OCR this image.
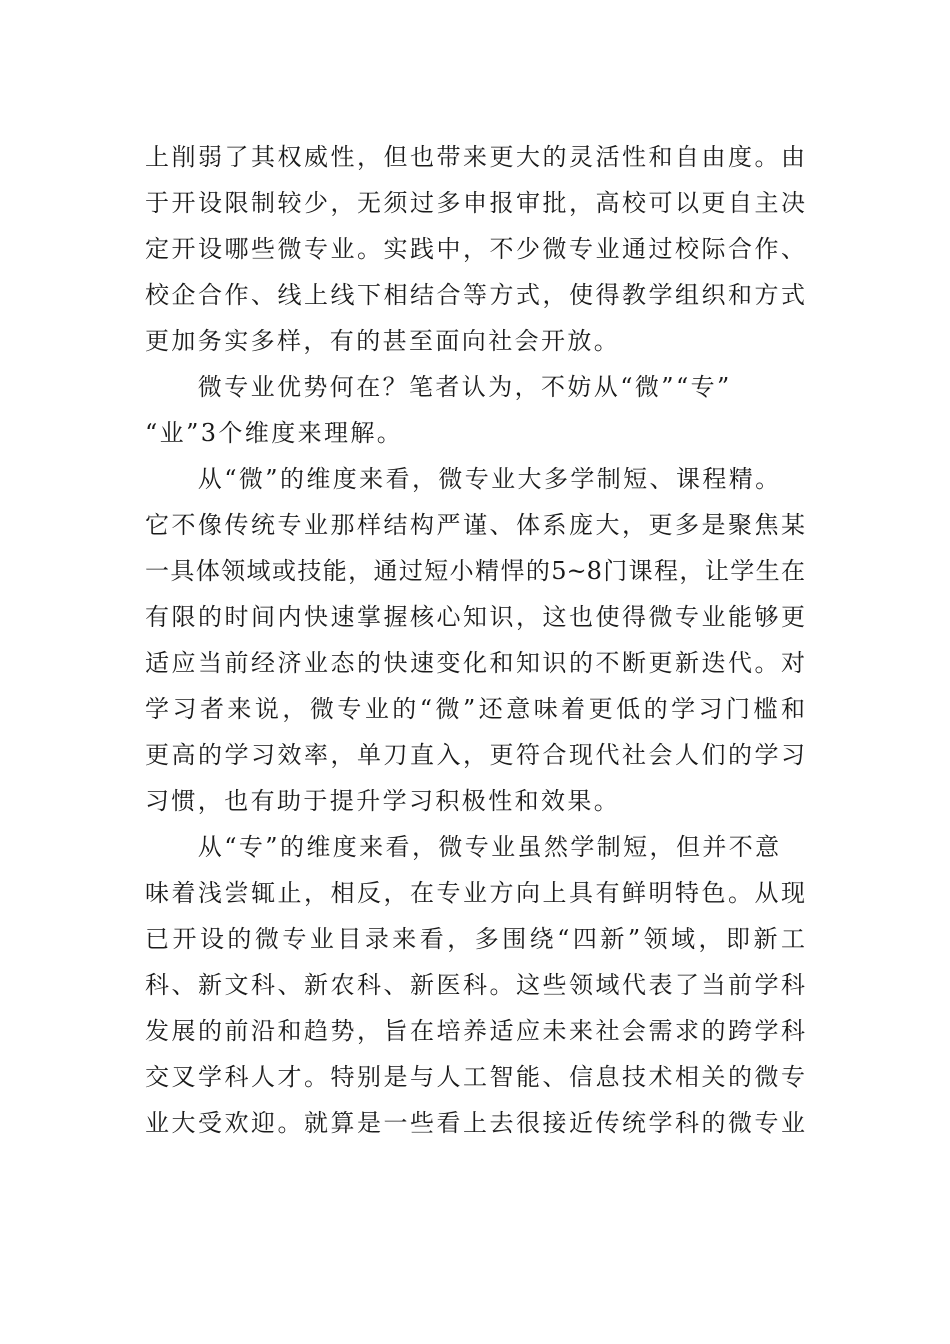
上削弱了其权威性，但也带来更大的灵活性和自由度。由
于开设限制较少，无须过多申报审批，高校可以更自主决
定开设哪些微专业。实践中，不少微专业通过校际合作、
校企合作、线上线下相结合等方式，使得教学组织和方式
更加务实多样，有的甚至面向社会开放。
　　微专业优势何在？笔者认为，不妨从“微”“专”
“业”3个维度来理解。
　　从“微”的维度来看，微专业大多学制短、课程精。
它不像传统专业那样结构严谨、体系庞大，更多是聚焦某
一具体领域或技能，通过短小精悍的5~8门课程，让学生在
有限的时间内快速掌握核心知识，这也使得微专业能够更
适应当前经济业态的快速变化和知识的不断更新迭代。对
学习者来说，微专业的“微”还意味着更低的学习门槛和
更高的学习效率，单刀直入，更符合现代社会人们的学习
习惯，也有助于提升学习积极性和效果。
　　从“专”的维度来看，微专业虽然学制短，但并不意
味着浅尝辄止，相反，在专业方向上具有鲜明特色。从现
已开设的微专业目录来看，多围绕“四新”领域，即新工
科、新文科、新农科、新医科。这些领域代表了当前学科
发展的前沿和趋势，旨在培养适应未来社会需求的跨学科
交叉学科人才。特别是与人工智能、信息技术相关的微专
业大受欢迎。就算是一些看上去很接近传统学科的微专业
